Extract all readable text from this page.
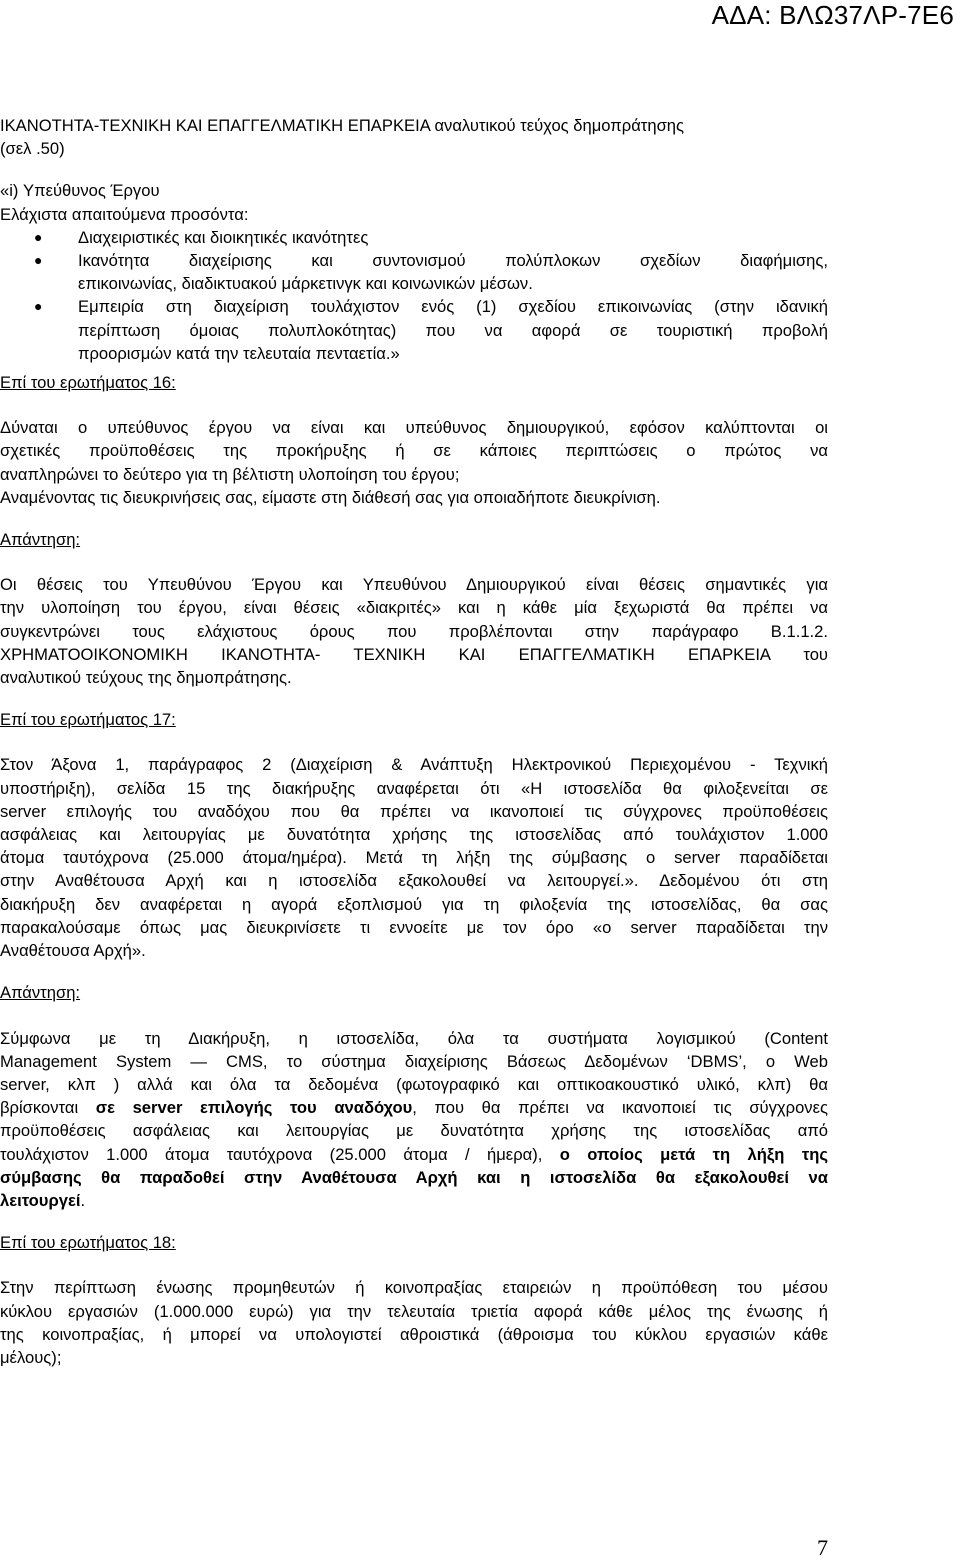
ΑΔΑ: ΒΛΩ37ΛΡ-7Ε6
ΙΚΑΝΟΤΗΤΑ-ΤΕΧΝΙΚΗ ΚΑΙ ΕΠΑΓΓΕΛΜΑΤΙΚΗ ΕΠΑΡΚΕΙΑ αναλυτικού τεύχος δημοπράτησης
(σελ .50)
«i) Υπεύθυνος Έργου
Ελάχιστα απαιτούμενα προσόντα:
● Διαχειριστικές και διοικητικές ικανότητες
● Ικανότητα διαχείρισης και συντονισμού πολύπλοκων σχεδίων διαφήμισης,
επικοινωνίας, διαδικτυακού μάρκετινγκ και κοινωνικών μέσων.
● Εμπειρία στη διαχείριση τουλάχιστον ενός (1) σχεδίου επικοινωνίας (στην ιδανική
περίπτωση όμοιας πολυπλοκότητας) που να αφορά σε τουριστική προβολή
προορισμών κατά την τελευταία πενταετία.»
Επί του ερωτήματος 16:
Δύναται ο υπεύθυνος έργου να είναι και υπεύθυνος δημιουργικού, εφόσον καλύπτονται οι
σχετικές προϋποθέσεις της προκήρυξης ή σε κάποιες περιπτώσεις ο πρώτος να
αναπληρώνει το δεύτερο για τη βέλτιστη υλοποίηση του έργου;
Αναμένοντας τις διευκρινήσεις σας, είμαστε στη διάθεσή σας για οποιαδήποτε διευκρίνιση.
Απάντηση:
Οι θέσεις του Υπευθύνου Έργου και Υπευθύνου Δημιουργικού είναι θέσεις σημαντικές για
την υλοποίηση του έργου, είναι θέσεις «διακριτές» και η κάθε μία ξεχωριστά θα πρέπει να
συγκεντρώνει τους ελάχιστους όρους που προβλέπονται στην παράγραφο Β.1.1.2.
ΧΡΗΜΑΤΟΟΙΚΟΝΟΜΙΚΗ ΙΚΑΝΟΤΗΤΑ- ΤΕΧΝΙΚΗ ΚΑΙ ΕΠΑΓΓΕΛΜΑΤΙΚΗ ΕΠΑΡΚΕΙΑ του
αναλυτικού τεύχους της δημοπράτησης.
Επί του ερωτήματος 17:
Στον Άξονα 1, παράγραφος 2 (Διαχείριση & Ανάπτυξη Ηλεκτρονικού Περιεχομένου - Τεχνική
υποστήριξη), σελίδα 15 της διακήρυξης αναφέρεται ότι «Η ιστοσελίδα θα φιλοξενείται σε
server επιλογής του αναδόχου που θα πρέπει να ικανοποιεί τις σύγχρονες προϋποθέσεις
ασφάλειας και λειτουργίας με δυνατότητα χρήσης της ιστοσελίδας από τουλάχιστον 1.000
άτομα ταυτόχρονα (25.000 άτομα/ημέρα). Μετά τη λήξη της σύμβασης ο server παραδίδεται
στην Αναθέτουσα Αρχή και η ιστοσελίδα εξακολουθεί να λειτουργεί.». Δεδομένου ότι στη
διακήρυξη δεν αναφέρεται η αγορά εξοπλισμού για τη φιλοξενία της ιστοσελίδας, θα σας
παρακαλούσαμε όπως μας διευκρινίσετε τι εννοείτε με τον όρο «ο server παραδίδεται την
Αναθέτουσα Αρχή».
Απάντηση:
Σύμφωνα με τη Διακήρυξη, η ιστοσελίδα, όλα τα συστήματα λογισμικού (Content
Management System — CMS, το σύστημα διαχείρισης Βάσεως Δεδομένων ‘DBMS’, ο Web
server, κλπ ) αλλά και όλα τα δεδομένα (φωτογραφικό και οπτικοακουστικό υλικό, κλπ) θα
βρίσκονται σε server επιλογής του αναδόχου, που θα πρέπει να ικανοποιεί τις σύγχρονες
προϋποθέσεις ασφάλειας και λειτουργίας με δυνατότητα χρήσης της ιστοσελίδας από
τουλάχιστον 1.000 άτομα ταυτόχρονα (25.000 άτομα / ήμερα), ο οποίος μετά τη λήξη της
σύμβασης θα παραδοθεί στην Αναθέτουσα Αρχή και η ιστοσελίδα θα εξακολουθεί να
λειτουργεί.
Επί του ερωτήματος 18:
Στην περίπτωση ένωσης προμηθευτών ή κοινοπραξίας εταιρειών η προϋπόθεση του μέσου
κύκλου εργασιών (1.000.000 ευρώ) για την τελευταία τριετία αφορά κάθε μέλος της ένωσης ή
της κοινοπραξίας, ή μπορεί να υπολογιστεί αθροιστικά (άθροισμα του κύκλου εργασιών κάθε
μέλους);
7
